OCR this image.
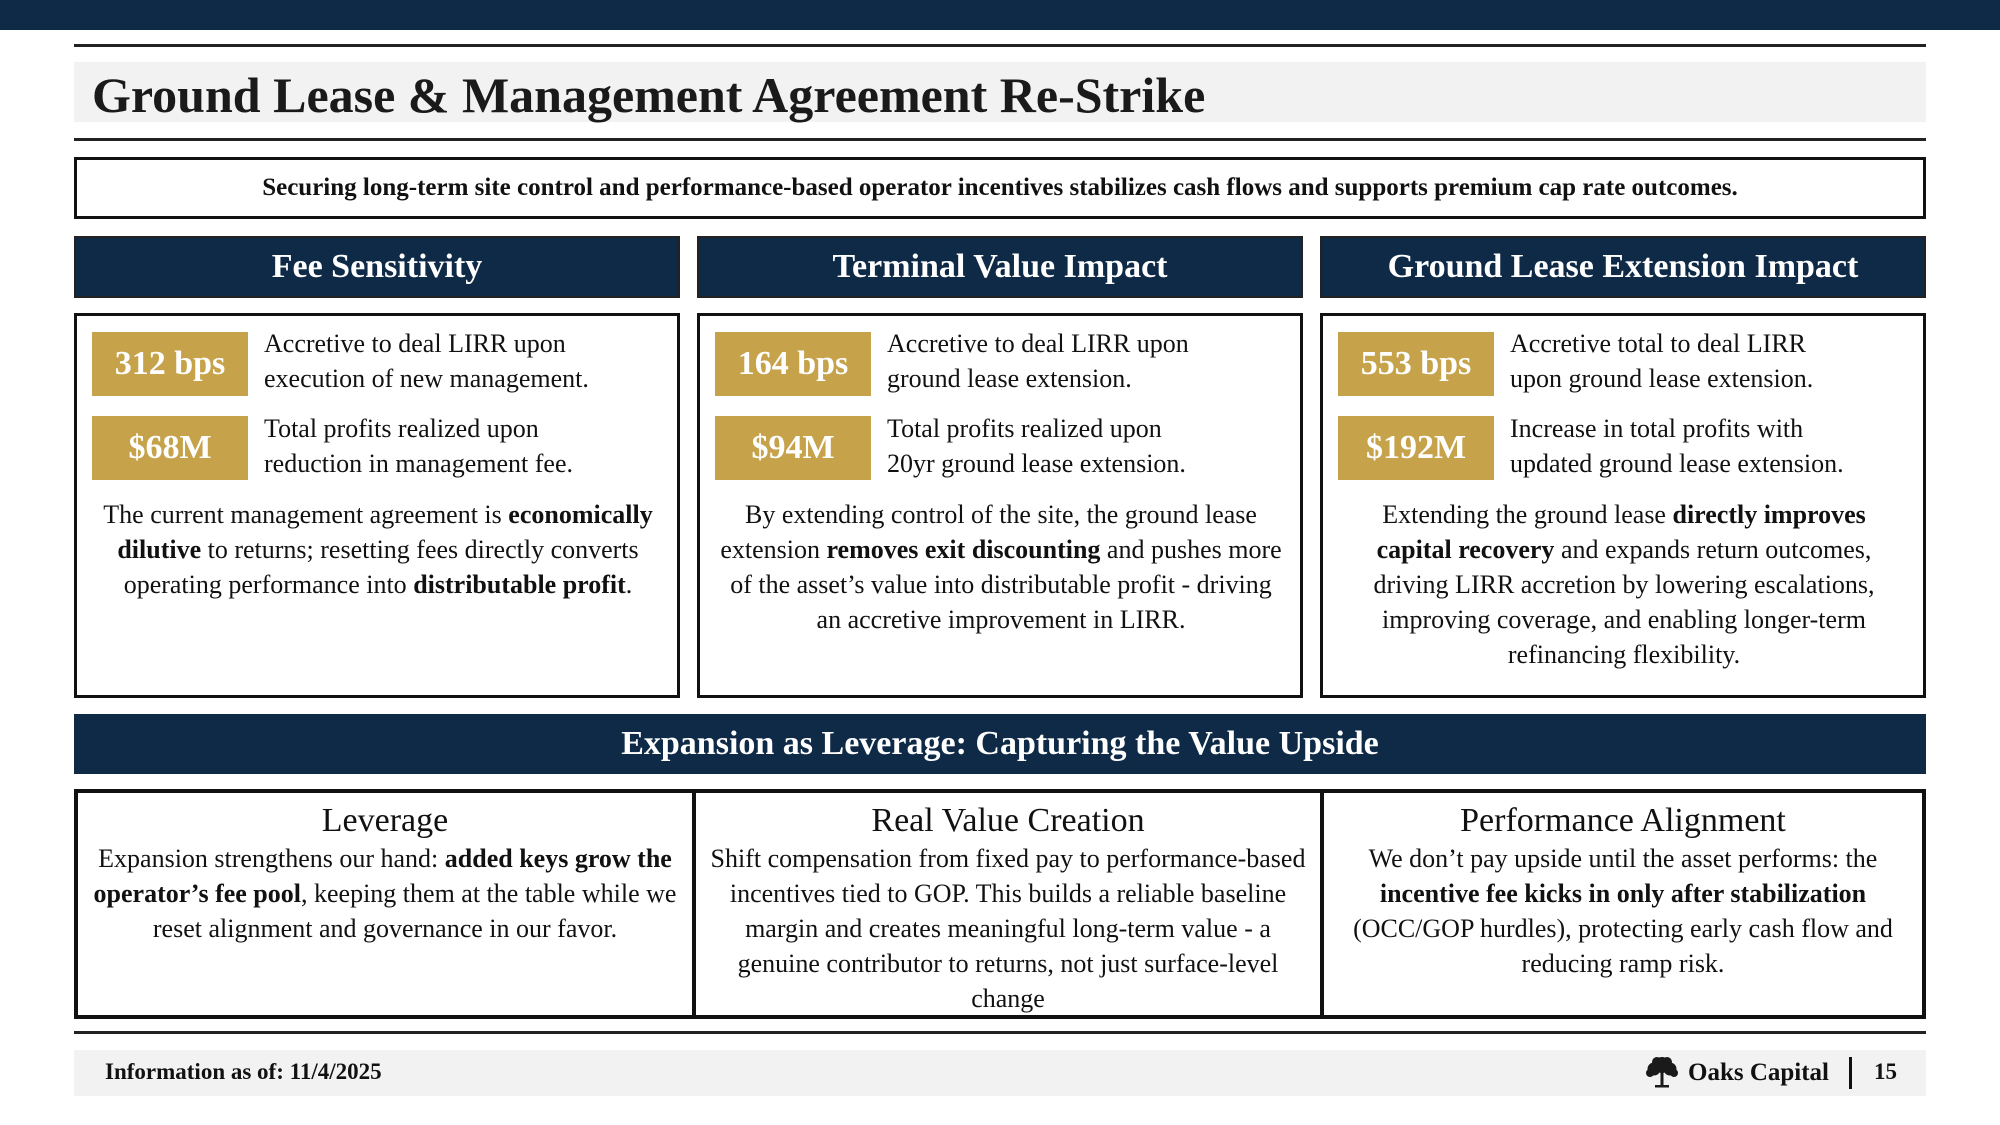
Ground Lease & Management Agreement Re-Strike
Securing long-term site control and performance-based operator incentives stabilizes cash flows and supports premium cap rate outcomes.
Fee Sensitivity
312 bps
Accretive to deal LIRR upon
execution of new management.
$68M
Total profits realized upon
reduction in management fee.
The current management agreement is economically dilutive to returns; resetting fees directly converts operating performance into distributable profit.
Terminal Value Impact
164 bps
Accretive to deal LIRR upon
ground lease extension.
$94M
Total profits realized upon
20yr ground lease extension.
By extending control of the site, the ground lease extension removes exit discounting and pushes more of the asset’s value into distributable profit - driving an accretive improvement in LIRR.
Ground Lease Extension Impact
553 bps
Accretive total to deal LIRR
upon ground lease extension.
$192M
Increase in total profits with
updated ground lease extension.
Extending the ground lease directly improves capital recovery and expands return outcomes, driving LIRR accretion by lowering escalations, improving coverage, and enabling longer-term refinancing flexibility.
Expansion as Leverage: Capturing the Value Upside
Leverage
Expansion strengthens our hand: added keys grow the operator’s fee pool, keeping them at the table while we reset alignment and governance in our favor.
Real Value Creation
Shift compensation from fixed pay to performance-based incentives tied to GOP. This builds a reliable baseline margin and creates meaningful long-term value - a genuine contributor to returns, not just surface-level change
Performance Alignment
We don’t pay upside until the asset performs: the incentive fee kicks in only after stabilization (OCC/GOP hurdles), protecting early cash flow and reducing ramp risk.
Information as of: 11/4/2025	Oaks Capital 15
